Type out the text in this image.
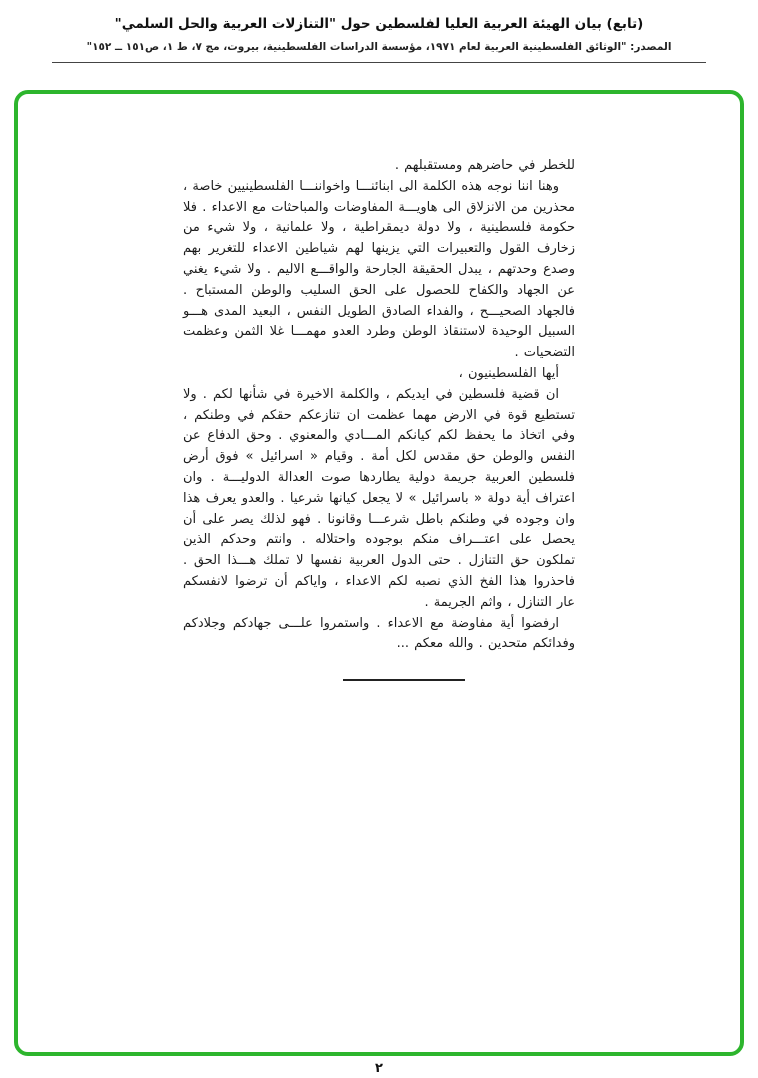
(تابع) بيان الهيئة العربية العليا لفلسطين حول "التنازلات العربية والحل السلمي"
المصدر: "الوثائق الفلسطينية العربية لعام ١٩٧١، مؤسسة الدراسات الفلسطينية، بيروت، مج ٧، ط ١، ص١٥١ ــ ١٥٢"

للخطر في حاضرهم ومستقبلهم .

وهنا اننا نوجه هذه الكلمة الى ابنائنـــا واخواننـــا الفلسطينيين خاصة ، محذرين من الانزلاق الى هاويـــة المفاوضات والمباحثات مع الاعداء . فلا حكومة فلسطينية ، ولا دولة ديمقراطية ، ولا علمانية ، ولا شيء من زخارف القول والتعبيرات التي يزينها لهم شياطين الاعداء للتغرير بهم وصدع وحدتهم ، يبدل الحقيقة الجارحة والواقـــع الاليم . ولا شيء يغني عن الجهاد والكفاح للحصول على الحق السليب والوطن المستباح . فالجهاد الصحيـــح ، والفداء الصادق الطويل النفس ، البعيد المدى هـــو السبيل الوحيدة لاستنقاذ الوطن وطرد العدو مهمـــا غلا الثمن وعظمت التضحيات .

أيها الفلسطينيون ،

ان قضية فلسطين في ايديكم ، والكلمة الاخيرة في شأنها لكم . ولا تستطيع قوة في الارض مهما عظمت ان تنازعكم حقكم في وطنكم ، وفي اتخاذ ما يحفظ لكم كيانكم المـــادي والمعنوي . وحق الدفاع عن النفس والوطن حق مقدس لكل أمة . وقيام « اسرائيل » فوق أرض فلسطين العربية جريمة دولية يطاردها صوت العدالة الدوليـــة . وان اعتراف أية دولة « باسرائيل » لا يجعل كيانها شرعيا . والعدو يعرف هذا وان وجوده في وطنكم باطل شرعـــا وقانونا . فهو لذلك يصر على أن يحصل على اعتـــراف منكم بوجوده واحتلاله . وانتم وحدكم الذين تملكون حق التنازل . حتى الدول العربية نفسها لا تملك هـــذا الحق . فاحذروا هذا الفخ الذي نصبه لكم الاعداء ، واياكم أن ترضوا لانفسكم عار التنازل ، واثم الجريمة .

ارفضوا أية مفاوضة مع الاعداء . واستمروا علـــى جهادكم وجلادكم وفدائكم متحدين . والله معكم ...

٢
